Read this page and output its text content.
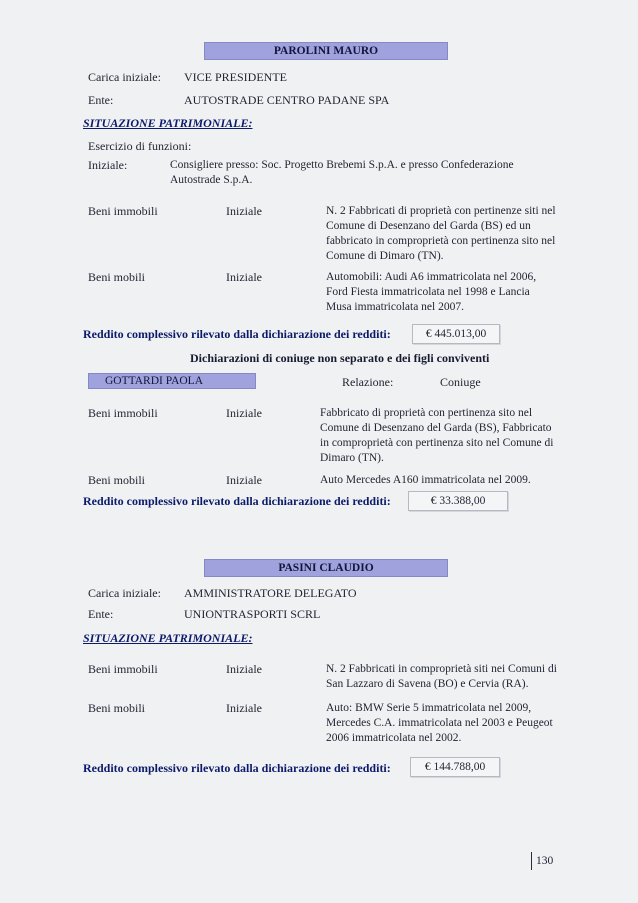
PAROLINI MAURO
Carica iniziale: VICE PRESIDENTE
Ente:	AUTOSTRADE CENTRO PADANE SPA
SITUAZIONE PATRIMONIALE:
Esercizio di funzioni:
Iniziale:	Consigliere presso: Soc. Progetto Brebemi S.p.A. e presso Confederazione Autostrade S.p.A.
Beni immobili	Iniziale	N. 2 Fabbricati di proprietà con pertinenze siti nel Comune di Desenzano del Garda (BS) ed un fabbricato in comproprietà con pertinenza sito nel Comune di Dimaro (TN).
Beni mobili	Iniziale	Automobili: Audi A6 immatricolata nel 2006, Ford Fiesta immatricolata nel 1998 e Lancia Musa immatricolata nel 2007.
Reddito complessivo rilevato dalla dichiarazione dei redditi:	€ 445.013,00
Dichiarazioni di coniuge non separato e dei figli conviventi
GOTTARDI PAOLA	Relazione:	Coniuge
Beni immobili	Iniziale	Fabbricato di proprietà con pertinenza sito nel Comune di Desenzano del Garda (BS), Fabbricato in comproprietà con pertinenza sito nel Comune di Dimaro (TN).
Beni mobili	Iniziale	Auto Mercedes A160 immatricolata nel 2009.
Reddito complessivo rilevato dalla dichiarazione dei redditi:	€ 33.388,00
PASINI CLAUDIO
Carica iniziale: AMMINISTRATORE DELEGATO
Ente:	UNIONTRASPORTI SCRL
SITUAZIONE PATRIMONIALE:
Beni immobili	Iniziale	N. 2 Fabbricati in comproprietà siti nei Comuni di San Lazzaro di Savena (BO) e Cervia (RA).
Beni mobili	Iniziale	Auto: BMW Serie 5 immatricolata nel 2009, Mercedes C.A. immatricolata nel 2003 e Peugeot 2006 immatricolata nel 2002.
Reddito complessivo rilevato dalla dichiarazione dei redditi:	€ 144.788,00
130
